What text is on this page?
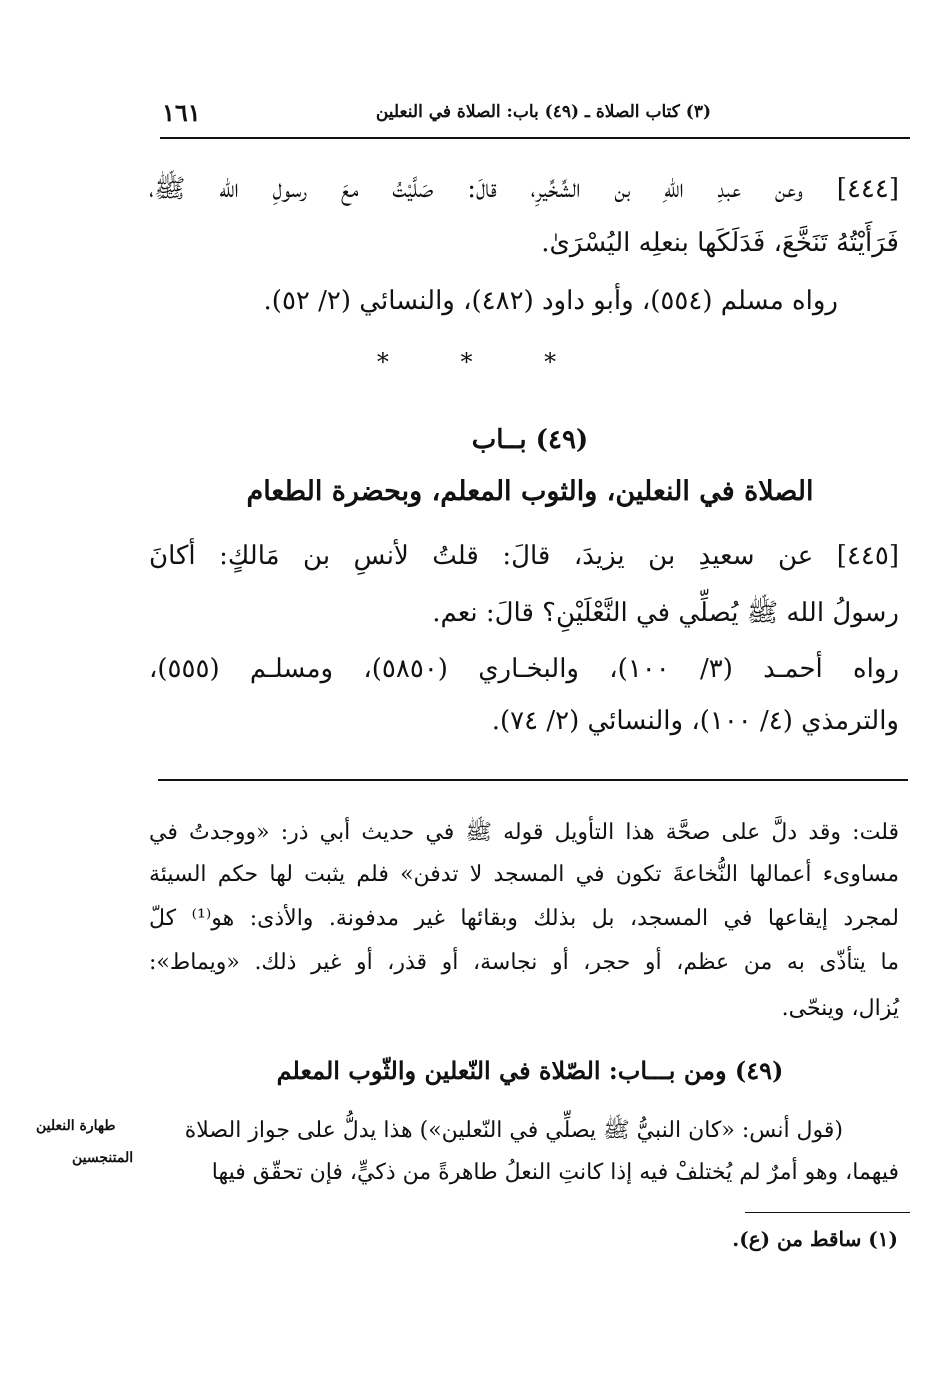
(٣) كتاب الصلاة ـ (٤٩) باب: الصلاة في النعلين
١٦١
[٤٤٤] وعن عبدِ اللهِ بن الشِّخِّيرِ، قالَ: صَلَّيْتُ معَ رسولِ الله ﷺ،
فَرَأَيْتُهُ تَنَخَّعَ، فَدَلَكَها بنعلِه اليُسْرَىٰ.
رواه مسلم (٥٥٤)، وأبو داود (٤٨٢)، والنسائي (٢/ ٥٢).
*	*	*
(٤٩) بــاب
الصلاة في النعلين، والثوب المعلم، وبحضرة الطعام
[٤٤٥] عن سعيدِ بن يزيدَ، قالَ: قلتُ لأنسِ بن مَالكٍ: أكانَ
رسولُ الله ﷺ يُصلِّي في النَّعْلَيْنِ؟ قالَ: نعم.
رواه أحمـد (٣/ ١٠٠)، والبخـاري (٥٨٥٠)، ومسلـم (٥٥٥)،
والترمذي (٤/ ١٠٠)، والنسائي (٢/ ٧٤).
قلت: وقد دلَّ على صحَّة هذا التأويل قوله ﷺ في حديث أبي ذر: «ووجدتُ في
مساوىء أعمالها النُّخاعةَ تكون في المسجد لا تدفن» فلم يثبت لها حكم السيئة
لمجرد إيقاعها في المسجد، بل بذلك وبقائها غير مدفونة. والأذى: هو⁽¹⁾ كلّ
ما يتأذّى به من عظم، أو حجر، أو نجاسة، أو قذر، أو غير ذلك. «ويماط»:
يُزال، وينحّى.
(٤٩) ومن بـــاب: الصّلاة في النّعلين والثّوب المعلم
(قول أنس: «كان النبيُّ ﷺ يصلِّي في النّعلين») هذا يدلُّ على جواز الصلاة
فيهما، وهو أمرٌ لم يُختلفْ فيه إذا كانتِ النعلُ طاهرةً من ذكيٍّ، فإن تحقّق فيها
طهارة النعلين
المتنجسين
(١) ساقط من (ع).
